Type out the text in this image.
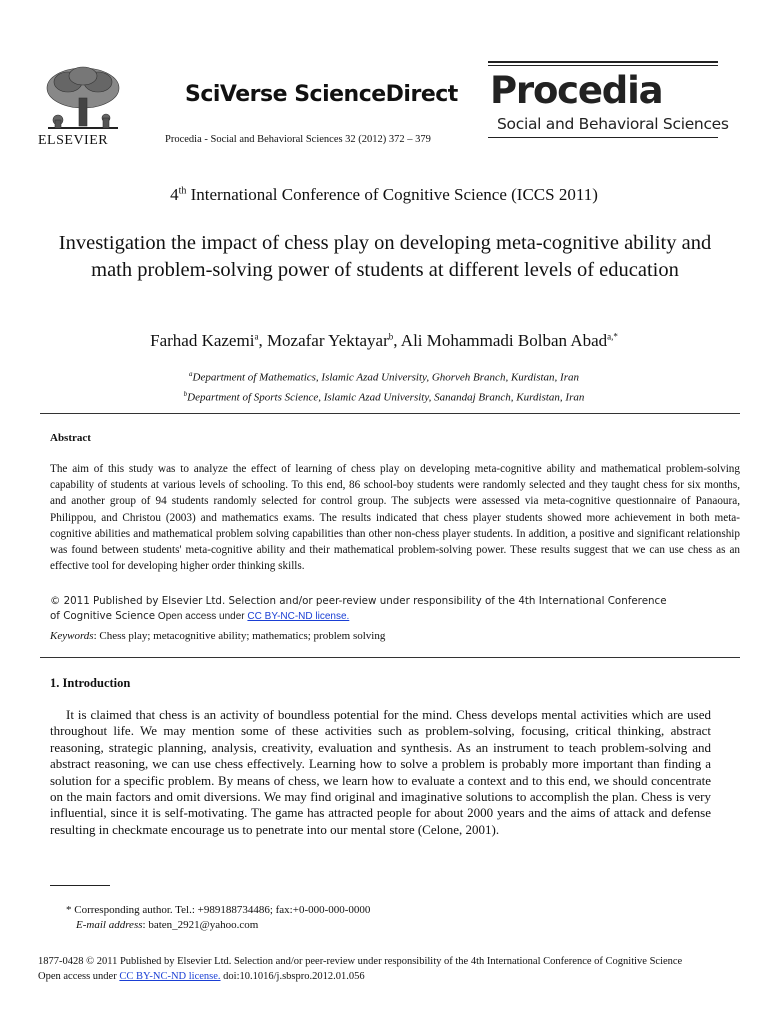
ELSEVIER
SciVerse ScienceDirect
Procedia - Social and Behavioral Sciences 32 (2012) 372 – 379
Procedia
Social and Behavioral Sciences
4th International Conference of Cognitive Science (ICCS 2011)
Investigation the impact of chess play on developing meta-cognitive ability and math problem-solving power of students at different levels of education
Farhad Kazemi$^a$, Mozafar Yektayar$^b$, Ali Mohammadi Bolban Abad$^{a,*}$
$^a$Department of Mathematics, Islamic Azad University, Ghorveh Branch, Kurdistan, Iran
$^b$Department of Sports Science, Islamic Azad University, Sanandaj Branch, Kurdistan, Iran
Abstract
The aim of this study was to analyze the effect of learning of chess play on developing meta-cognitive ability and mathematical problem-solving capability of students at various levels of schooling. To this end, 86 school-boy students were randomly selected and they taught chess for six months, and another group of 94 students randomly selected for control group. The subjects were assessed via meta-cognitive questionnaire of Panaoura, Philippou, and Christou (2003) and mathematics exams. The results indicated that chess player students showed more achievement in both meta-cognitive abilities and mathematical problem solving capabilities than other non-chess player students. In addition, a positive and significant relationship was found between students' meta-cognitive ability and their mathematical problem-solving power. These results suggest that we can use chess as an effective tool for developing higher order thinking skills.
© 2011 Published by Elsevier Ltd. Selection and/or peer-review under responsibility of the 4th International Conference
of Cognitive Science Open access under CC BY-NC-ND license.
Keywords: Chess play; metacognitive ability; mathematics; problem solving
1. Introduction
It is claimed that chess is an activity of boundless potential for the mind. Chess develops mental activities which are used throughout life. We may mention some of these activities such as problem-solving, focusing, critical thinking, abstract reasoning, strategic planning, analysis, creativity, evaluation and synthesis. As an instrument to teach problem-solving and abstract reasoning, we can use chess effectively. Learning how to solve a problem is probably more important than finding a solution for a specific problem. By means of chess, we learn how to evaluate a context and to this end, we should concentrate on the main factors and omit diversions. We may find original and imaginative solutions to accomplish the plan. Chess is very influential, since it is self-motivating. The game has attracted people for about 2000 years and the aims of attack and defense resulting in checkmate encourage us to penetrate into our mental store (Celone, 2001).
* Corresponding author. Tel.: +989188734486; fax:+0-000-000-0000
E-mail address: baten_2921@yahoo.com
1877-0428 © 2011 Published by Elsevier Ltd. Selection and/or peer-review under responsibility of the 4th International Conference of Cognitive Science
Open access under CC BY-NC-ND license. doi:10.1016/j.sbspro.2012.01.056
